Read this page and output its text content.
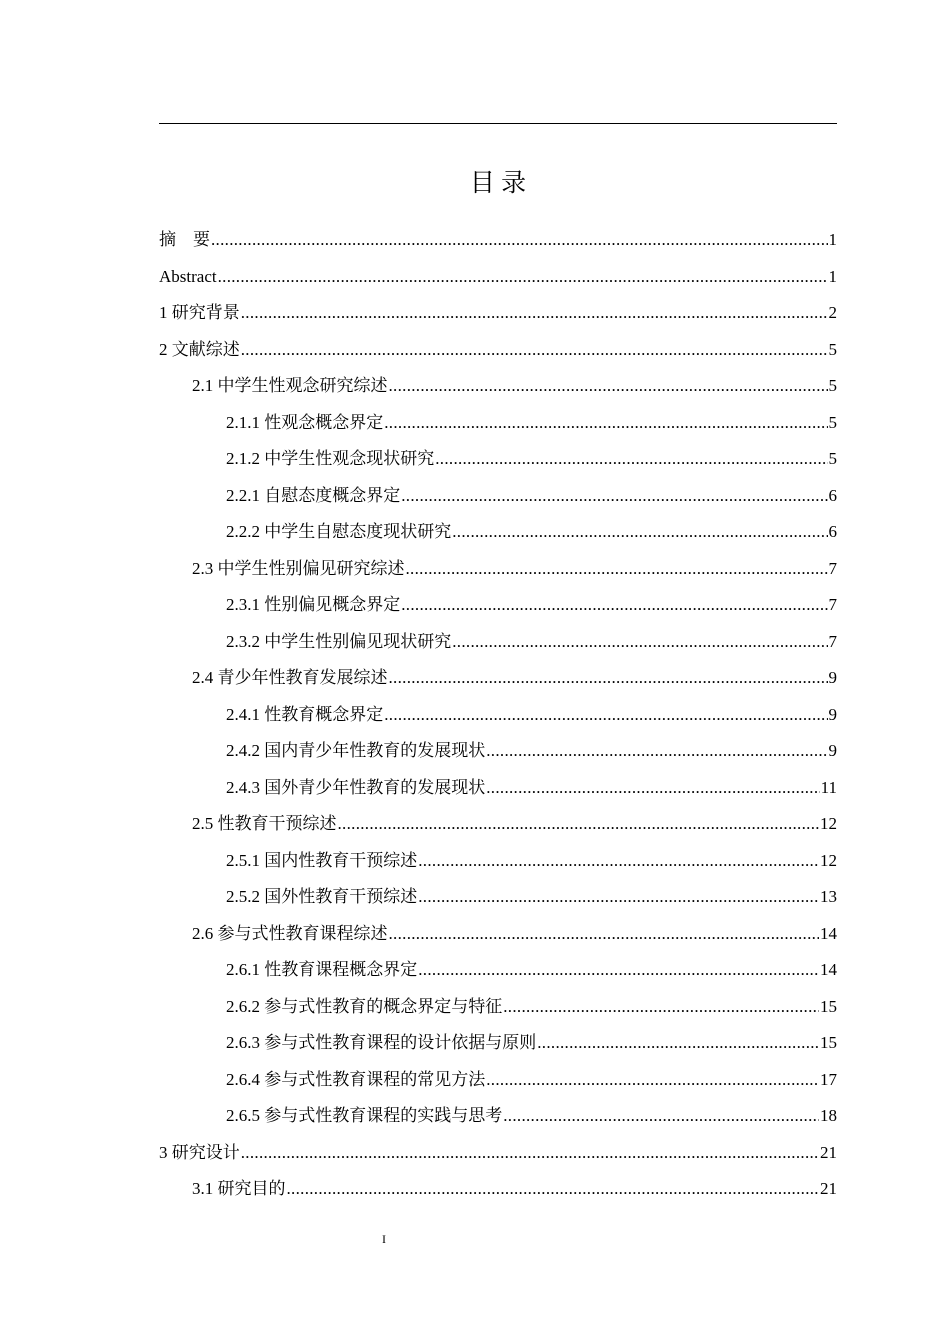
目 录
摘    要 .....	1
Abstract .....	1
1 研究背景 .....	2
2 文献综述 .....	5
2.1 中学生性观念研究综述 .....	5
2.1.1 性观念概念界定 .....	5
2.1.2 中学生性观念现状研究 .....	5
2.2.1 自慰态度概念界定 .....	6
2.2.2 中学生自慰态度现状研究 .....	6
2.3 中学生性别偏见研究综述 .....	7
2.3.1 性别偏见概念界定 .....	7
2.3.2 中学生性别偏见现状研究 .....	7
2.4 青少年性教育发展综述 .....	9
2.4.1 性教育概念界定 .....	9
2.4.2 国内青少年性教育的发展现状 .....	9
2.4.3 国外青少年性教育的发展现状 .....	11
2.5 性教育干预综述 .....	12
2.5.1 国内性教育干预综述 .....	12
2.5.2 国外性教育干预综述 .....	13
2.6 参与式性教育课程综述 .....	14
2.6.1 性教育课程概念界定 .....	14
2.6.2 参与式性教育的概念界定与特征 .....	15
2.6.3 参与式性教育课程的设计依据与原则 .....	15
2.6.4 参与式性教育课程的常见方法 .....	17
2.6.5 参与式性教育课程的实践与思考 .....	18
3 研究设计 .....	21
3.1 研究目的 .....	21
I
